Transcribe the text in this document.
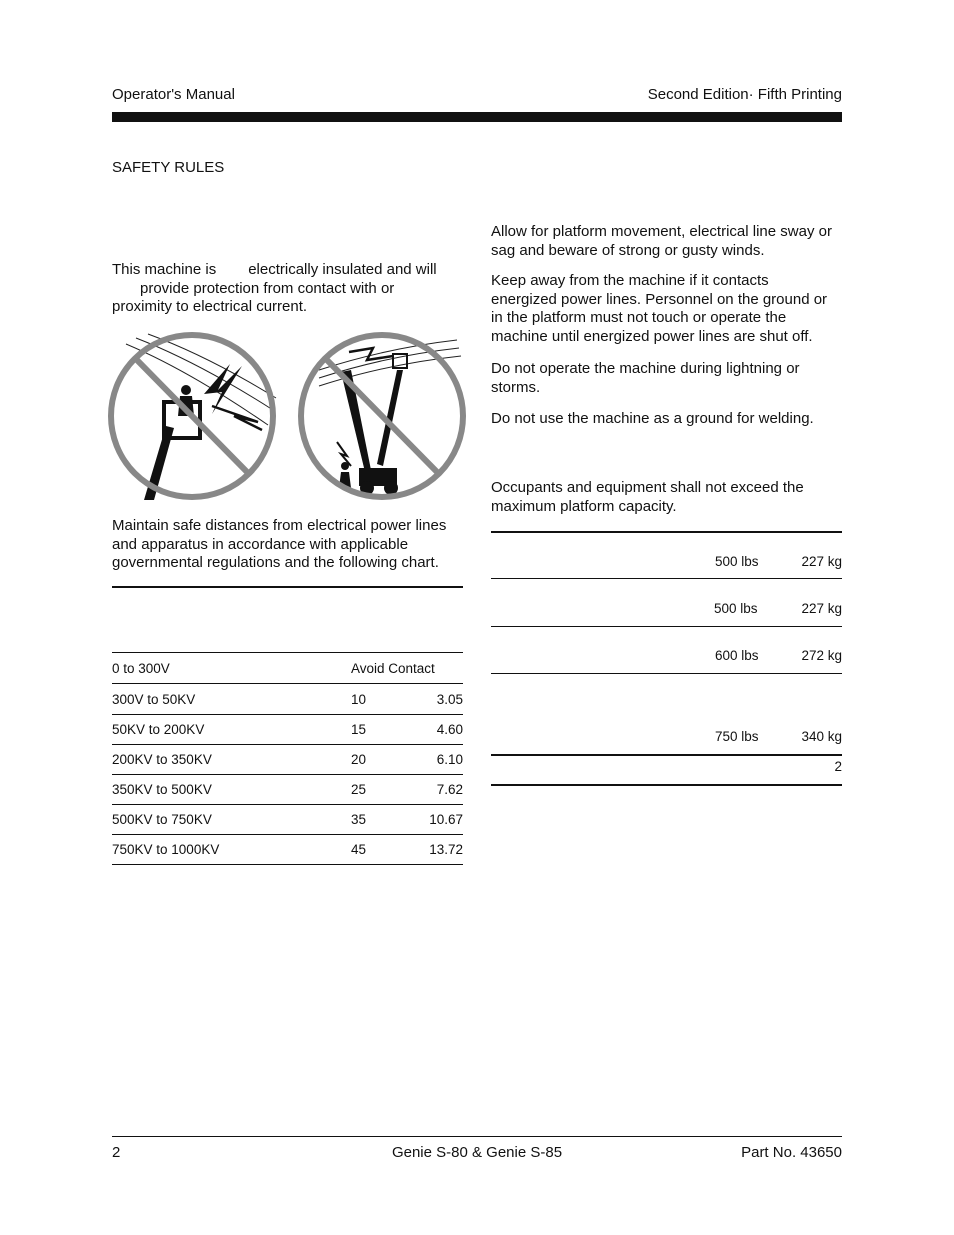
Operator's Manual	Second Edition· Fifth Printing
SAFETY RULES
This machine is electrically insulated and will
provide protection from contact with or
proximity to electrical current.
Maintain safe distances from electrical power lines
and apparatus in accordance with applicable
governmental regulations and the following chart.
0 to 300V	Avoid Contact
300V to 50KV	10	3.05
50KV to 200KV	15	4.60
200KV to 350KV	20	6.10
350KV to 500KV	25	7.62
500KV to 750KV	35	10.67
750KV to 1000KV	45	13.72
Allow for platform movement, electrical line sway or
sag and beware of strong or gusty winds.
Keep away from the machine if it contacts
energized power lines. Personnel on the ground or
in the platform must not touch or operate the
machine until energized power lines are shut off.
Do not operate the machine during lightning or
storms.
Do not use the machine as a ground for welding.
Occupants and equipment shall not exceed the
maximum platform capacity.
500 lbs	227 kg
500 lbs	227 kg
600 lbs	272 kg
750 lbs	340 kg
2
2	Genie S-80 & Genie S-85	Part No. 43650
